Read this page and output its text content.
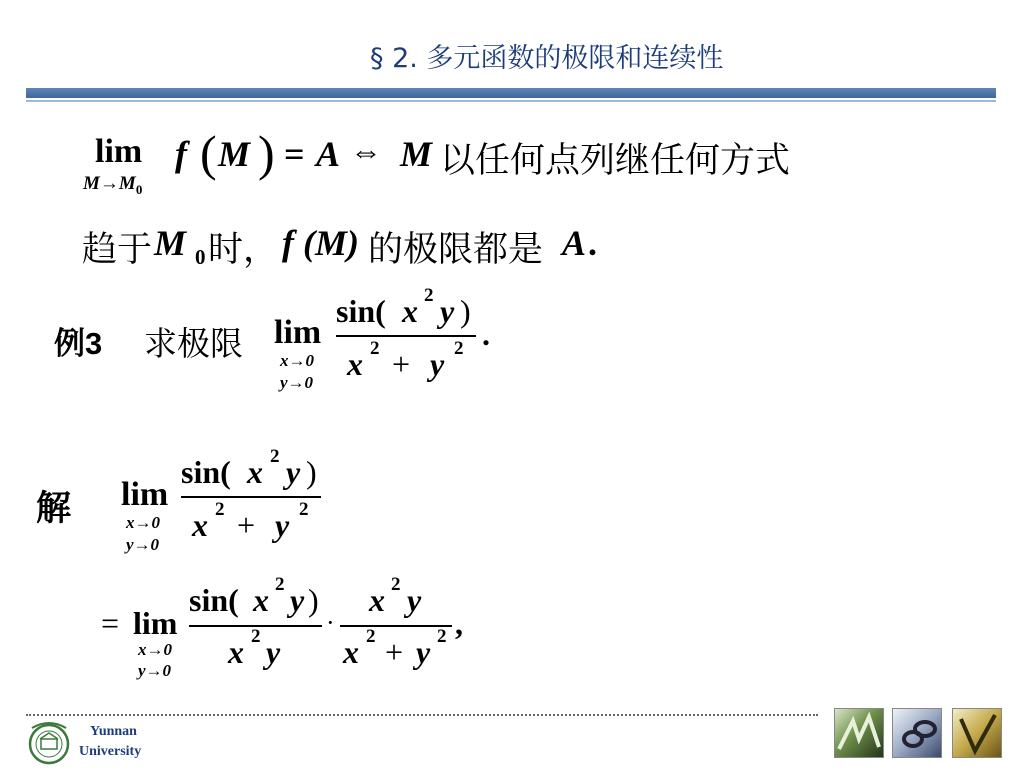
§ 2. 多元函数的极限和连续性
lim
$M\to M_0$
f ( M ) = A ⇔ M 以任何点列继任何方式
趋于 M 0 时， f (M) 的极限都是 A .
例3 求极限 lim
x→0
y→0
sin( x 2 y )
x 2 + y 2 .
解 lim
x→0
y→0
sin( x 2 y )
x 2 + y 2
= lim
x→0
y→0
sin( x 2 y )
x 2 y
·
x 2 y
x 2 + y 2 ,
Yunnan
University
